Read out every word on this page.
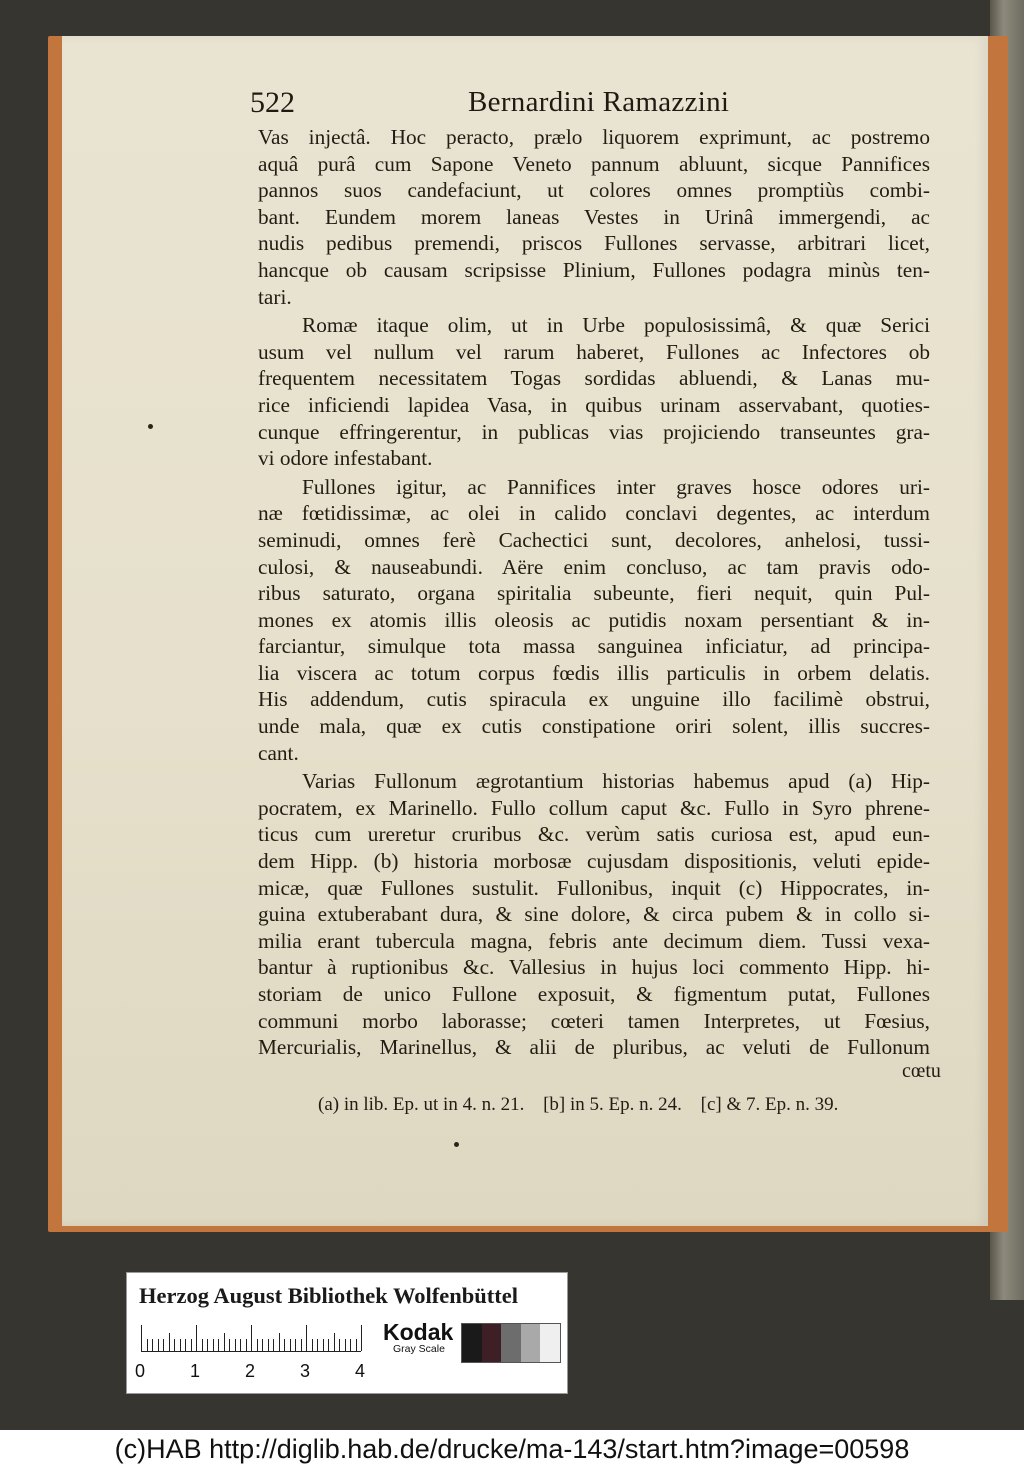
522	Bernardini Ramazzini

Vas injectâ. Hoc peracto, prælo liquorem exprimunt, ac postremo

aquâ purâ cum Sapone Veneto pannum abluunt, sicque Pannifices

pannos suos candefaciunt, ut colores omnes promptiùs combi-

bant. Eundem morem laneas Vestes in Urinâ immergendi, ac

nudis pedibus premendi, priscos Fullones servasse, arbitrari licet,

hancque ob causam scripsisse Plinium, Fullones podagra minùs ten-

tari.

Romæ itaque olim, ut in Urbe populosissimâ, & quæ Serici

usum vel nullum vel rarum haberet, Fullones ac Infectores ob

frequentem necessitatem Togas sordidas abluendi, & Lanas mu-

rice inficiendi lapidea Vasa, in quibus urinam asservabant, quoties-

cunque effringerentur, in publicas vias projiciendo transeuntes gra-

vi odore infestabant.

Fullones igitur, ac Pannifices inter graves hosce odores uri-

næ fœtidissimæ, ac olei in calido conclavi degentes, ac interdum

seminudi, omnes ferè Cachectici sunt, decolores, anhelosi, tussi-

culosi, & nauseabundi. Aëre enim concluso, ac tam pravis odo-

ribus saturato, organa spiritalia subeunte, fieri nequit, quin Pul-

mones ex atomis illis oleosis ac putidis noxam persentiant & in-

farciantur, simulque tota massa sanguinea inficiatur, ad principa-

lia viscera ac totum corpus fœdis illis particulis in orbem delatis.

His addendum, cutis spiracula ex unguine illo facilimè obstrui,

unde mala, quæ ex cutis constipatione oriri solent, illis succres-

cant.

Varias Fullonum ægrotantium historias habemus apud (a) Hip-

pocratem, ex Marinello. Fullo collum caput &c. Fullo in Syro phrene-

ticus cum ureretur cruribus &c. verùm satis curiosa est, apud eun-

dem Hipp. (b) historia morbosæ cujusdam dispositionis, veluti epide-

micæ, quæ Fullones sustulit. Fullonibus, inquit (c) Hippocrates, in-

guina extuberabant dura, & sine dolore, & circa pubem & in collo si-

milia erant tubercula magna, febris ante decimum diem. Tussi vexa-

bantur à ruptionibus &c. Vallesius in hujus loci commento Hipp. hi-

storiam de unico Fullone exposuit, & figmentum putat, Fullones

communi morbo laborasse; cœteri tamen Interpretes, ut Fœsius,

Mercurialis, Marinellus, & alii de pluribus, ac veluti de Fullonum

cœtu
(a) in lib. Ep. ut in 4. n. 21. [b] in 5. Ep. n. 24. [c] & 7. Ep. n. 39.
Herzog August Bibliothek Wolfenbüttel
0 1 2 3 4
Kodak
Gray Scale
(c)HAB http://diglib.hab.de/drucke/ma-143/start.htm?image=00598
